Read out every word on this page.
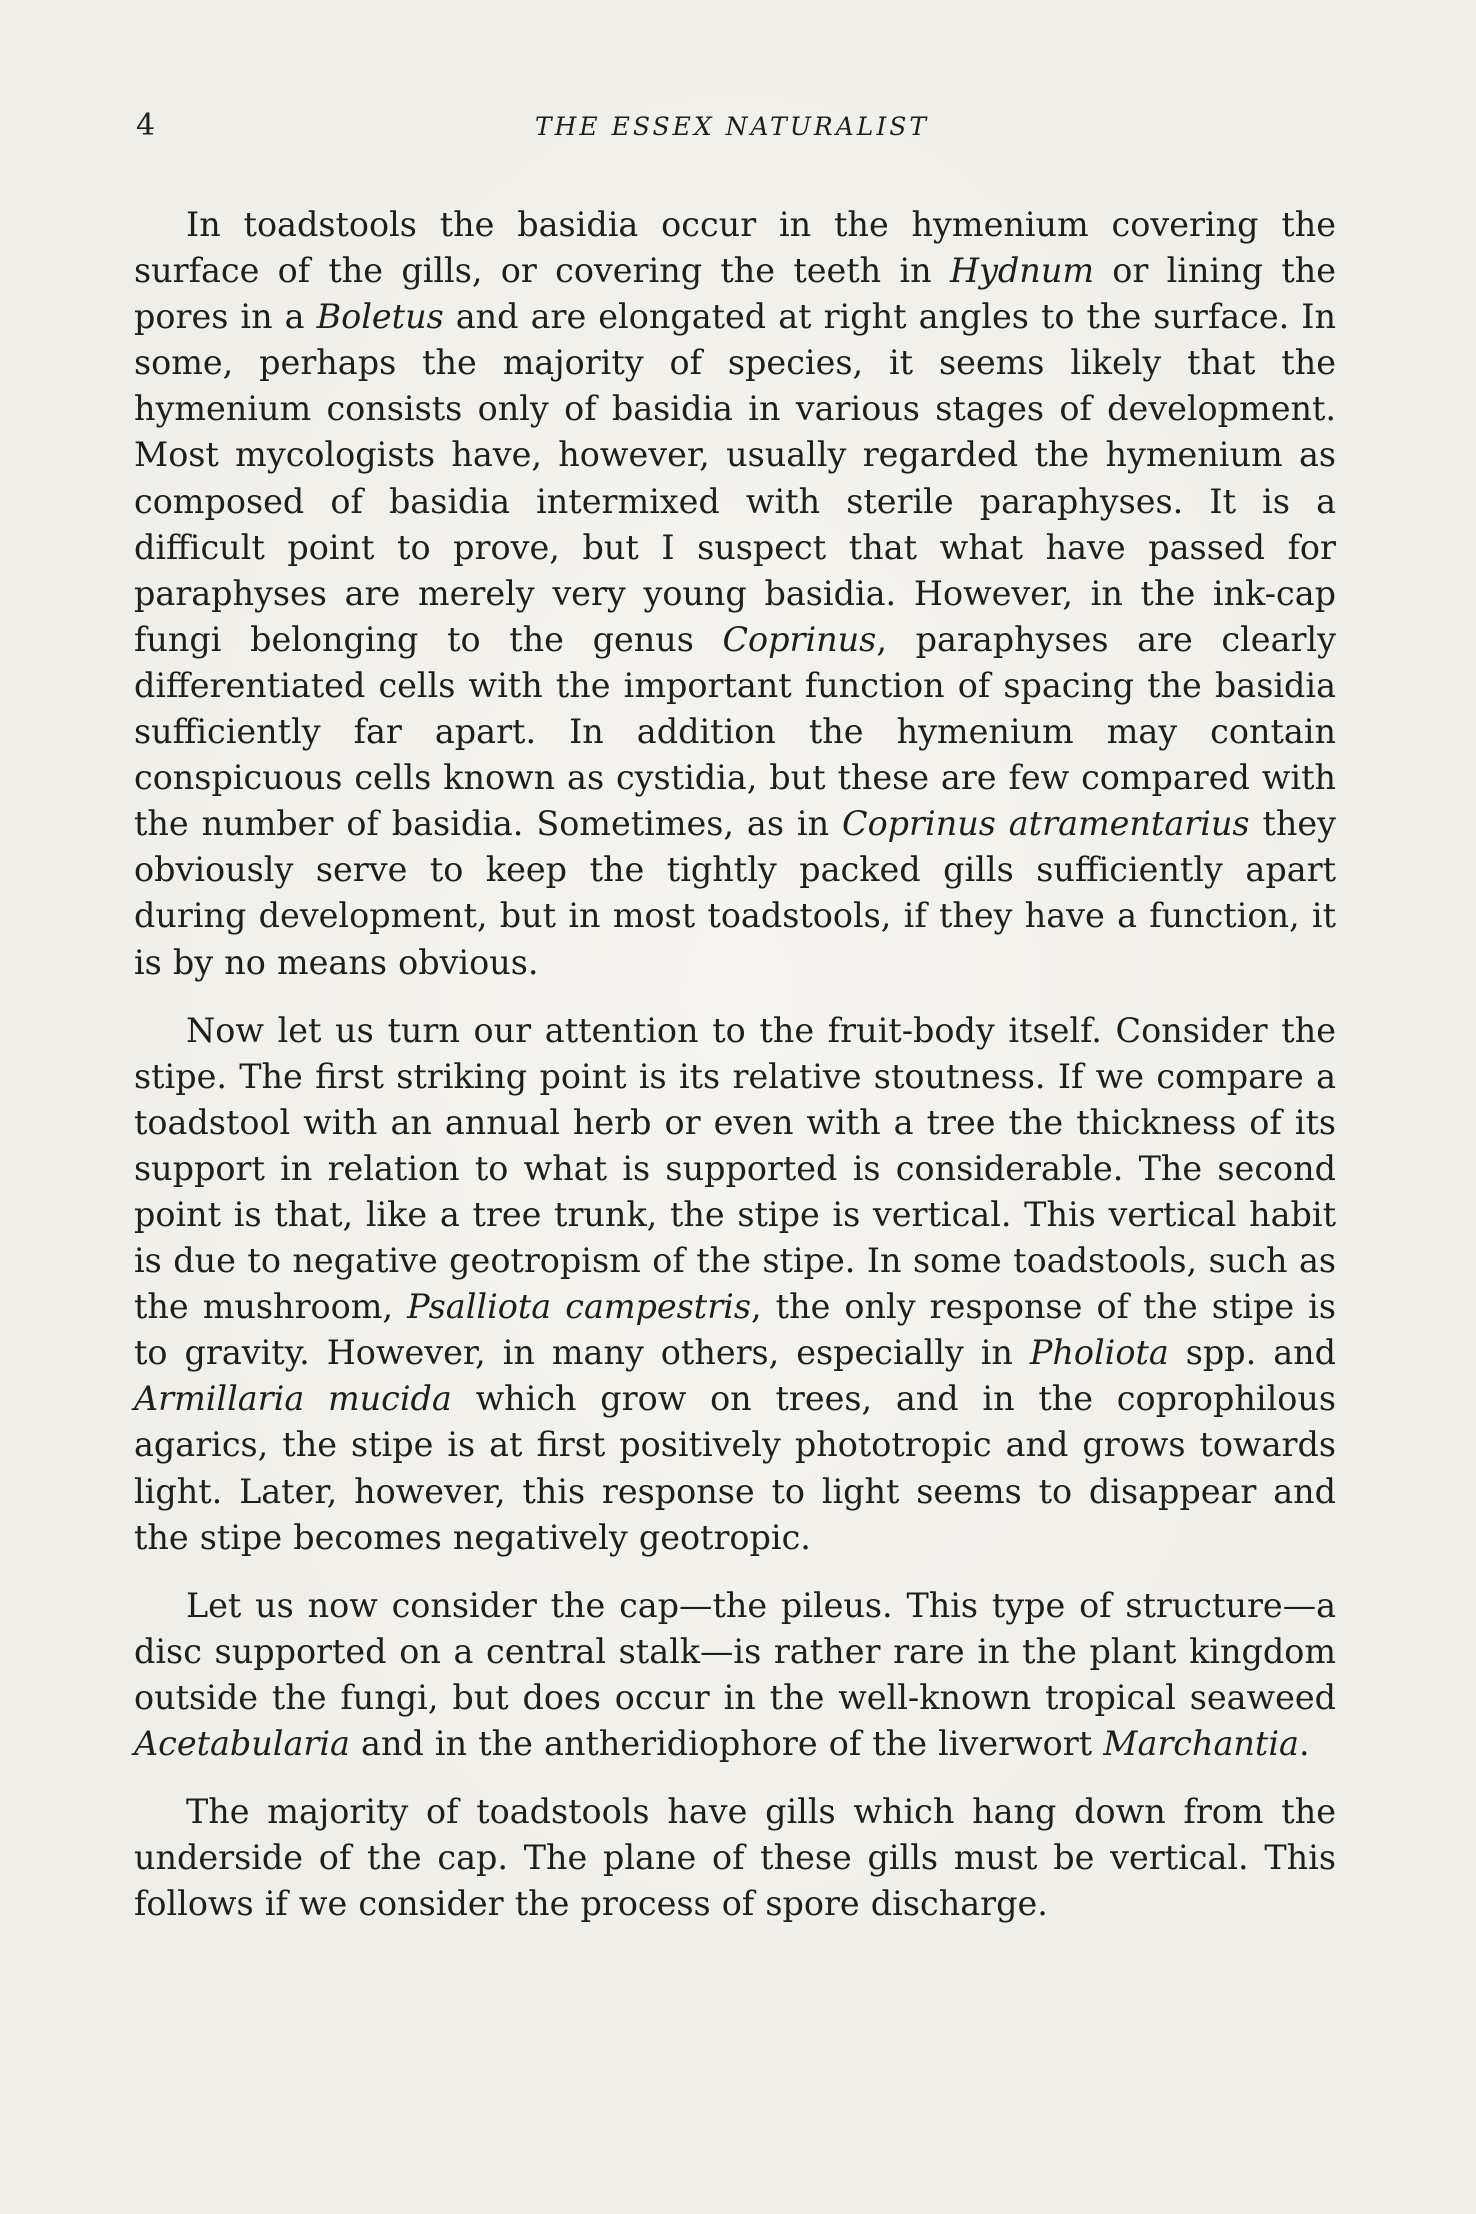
4	THE ESSEX NATURALIST

In toadstools the basidia occur in the hymenium covering the surface of the gills, or covering the teeth in Hydnum or lining the pores in a Boletus and are elongated at right angles to the surface. In some, perhaps the majority of species, it seems likely that the hymenium consists only of basidia in various stages of development. Most mycologists have, however, usually regarded the hymenium as composed of basidia intermixed with sterile paraphyses. It is a difficult point to prove, but I suspect that what have passed for paraphyses are merely very young basidia. However, in the ink-cap fungi belonging to the genus Coprinus, paraphyses are clearly differentiated cells with the important function of spacing the basidia sufficiently far apart. In addition the hymenium may contain conspicuous cells known as cystidia, but these are few compared with the number of basidia. Sometimes, as in Coprinus atramentarius they obviously serve to keep the tightly packed gills sufficiently apart during development, but in most toadstools, if they have a function, it is by no means obvious.

Now let us turn our attention to the fruit-body itself. Consider the stipe. The first striking point is its relative stoutness. If we compare a toadstool with an annual herb or even with a tree the thickness of its support in relation to what is supported is considerable. The second point is that, like a tree trunk, the stipe is vertical. This vertical habit is due to negative geotropism of the stipe. In some toadstools, such as the mushroom, Psalliota campestris, the only response of the stipe is to gravity. However, in many others, especially in Pholiota spp. and Armillaria mucida which grow on trees, and in the coprophilous agarics, the stipe is at first positively phototropic and grows towards light. Later, however, this response to light seems to disappear and the stipe becomes negatively geotropic.

Let us now consider the cap—the pileus. This type of structure—a disc supported on a central stalk—is rather rare in the plant kingdom outside the fungi, but does occur in the well-known tropical seaweed Acetabularia and in the antheridiophore of the liverwort Marchantia.

The majority of toadstools have gills which hang down from the underside of the cap. The plane of these gills must be vertical. This follows if we consider the process of spore discharge.
